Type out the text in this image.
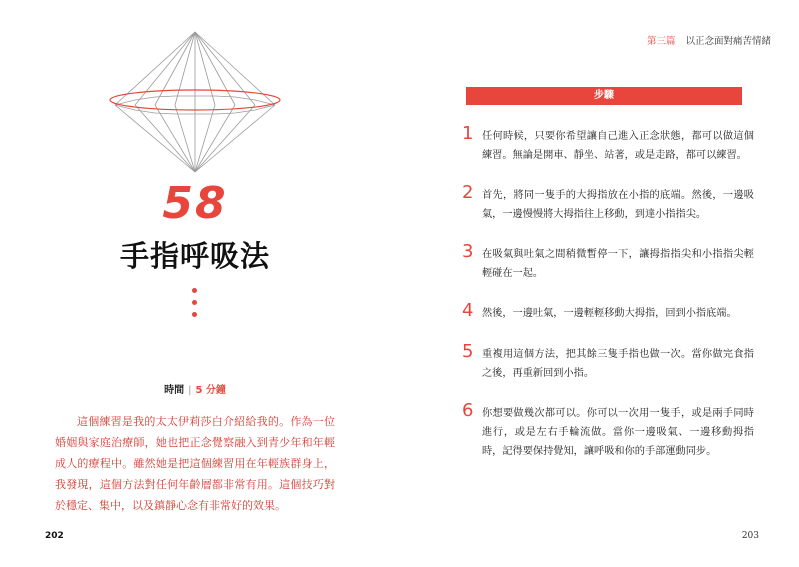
58
手指呼吸法
時間 | 5 分鐘
這個練習是我的太太伊莉莎白介紹給我的。作為一位婚姻與家庭治療師，她也把正念覺察融入到青少年和年輕成人的療程中。雖然她是把這個練習用在年輕族群身上，我發現，這個方法對任何年齡層都非常有用。這個技巧對於穩定、集中，以及鎮靜心念有非常好的效果。
202
第三篇 以正念面對痛苦情緒
步驟
1 任何時候，只要你希望讓自己進入正念狀態，都可以做這個練習。無論是開車、靜坐、站著，或是走路，都可以練習。
2 首先，將同一隻手的大拇指放在小指的底端。然後，一邊吸氣，一邊慢慢將大拇指往上移動，到達小指指尖。
3 在吸氣與吐氣之間稍微暫停一下，讓拇指指尖和小指指尖輕輕碰在一起。
4 然後，一邊吐氣，一邊輕輕移動大拇指，回到小指底端。
5 重複用這個方法，把其餘三隻手指也做一次。當你做完食指之後，再重新回到小指。
6 你想要做幾次都可以。你可以一次用一隻手，或是兩手同時進行，或是左右手輪流做。當你一邊吸氣、一邊移動拇指時，記得要保持覺知，讓呼吸和你的手部運動同步。
203
